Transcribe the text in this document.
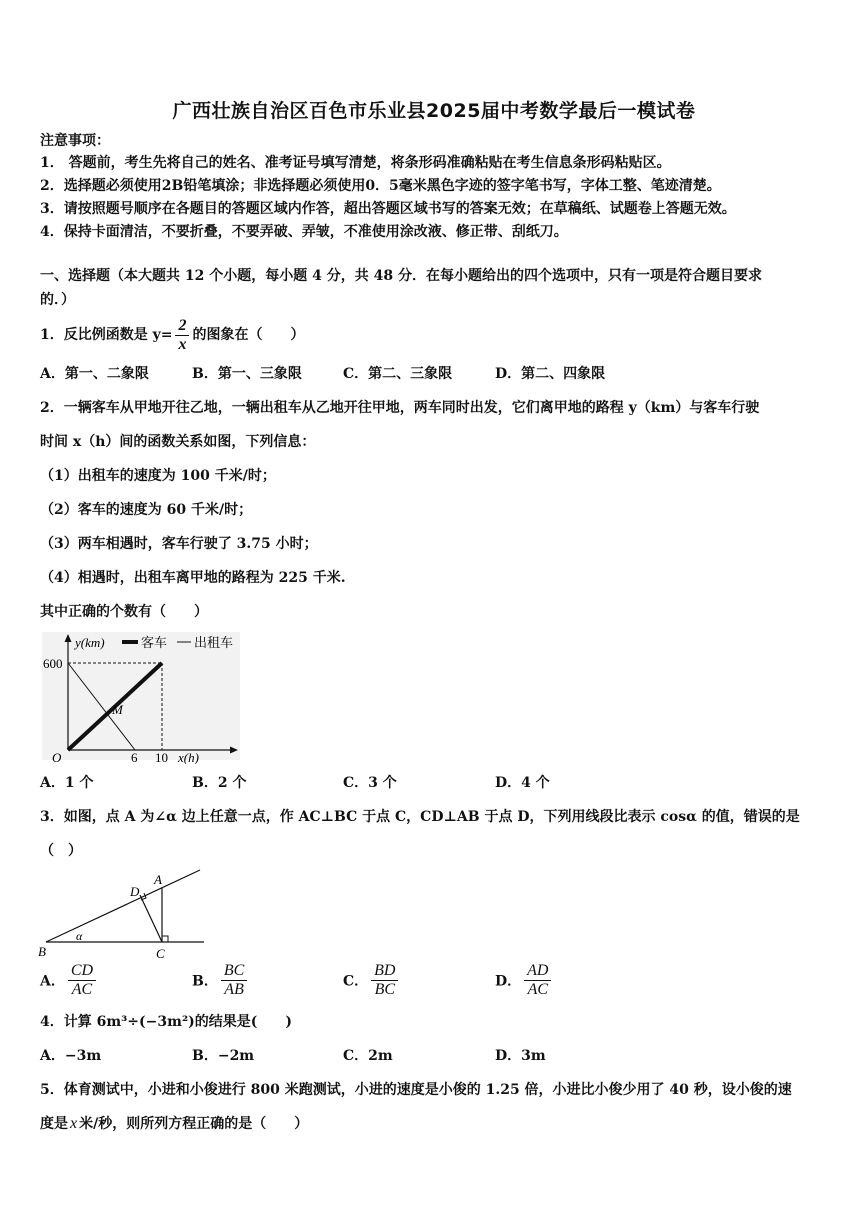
广西壮族自治区百色市乐业县2025届中考数学最后一模试卷
注意事项：
1． 答题前，考生先将自己的姓名、准考证号填写清楚，将条形码准确粘贴在考生信息条形码粘贴区。
2．选择题必须使用2B铅笔填涂；非选择题必须使用0．5毫米黑色字迹的签字笔书写，字体工整、笔迹清楚。
3．请按照题号顺序在各题目的答题区域内作答，超出答题区域书写的答案无效；在草稿纸、试题卷上答题无效。
4．保持卡面清洁，不要折叠，不要弄破、弄皱，不准使用涂改液、修正带、刮纸刀。
一、选择题（本大题共 12 个小题，每小题 4 分，共 48 分．在每小题给出的四个选项中，只有一项是符合题目要求
的．）
1．反比例函数是 $y= \frac{2}{x}$ 的图象在（　　）
A．第一、二象限	B．第一、三象限	C．第二、三象限	D．第二、四象限
2．一辆客车从甲地开往乙地，一辆出租车从乙地开往甲地，两车同时出发，它们离甲地的路程 y（km）与客车行驶
时间 x（h）间的函数关系如图，下列信息：
（1）出租车的速度为 100 千米/时；
（2）客车的速度为 60 千米/时；
（3）两车相遇时，客车行驶了 3.75 小时；
（4）相遇时，出租车离甲地的路程为 225 千米.
其中正确的个数有（　　）
y(km)	客车 出租车
600
M
O	6 10 x(h)
A．1 个	B．2 个	C．3 个	D．4 个
3．如图，点 A 为∠α 边上任意一点，作 AC⊥BC 于点 C，CD⊥AB 于点 D，下列用线段比表示 cosα 的值，错误的是
（　）
B	C
A
D
α
A． $\frac{CD}{AC}$	B． $\frac{BC}{AB}$	C． $\frac{BD}{BC}$	D． $\frac{AD}{AC}$
4．计算 6m³÷(−3m²)的结果是(　　)
A．−3m	B．−2m	C．2m	D．3m
5．体育测试中，小进和小俊进行 800 米跑测试，小进的速度是小俊的 1.25 倍，小进比小俊少用了 40 秒，设小俊的速
度是 x 米/秒，则所列方程正确的是（　　）
